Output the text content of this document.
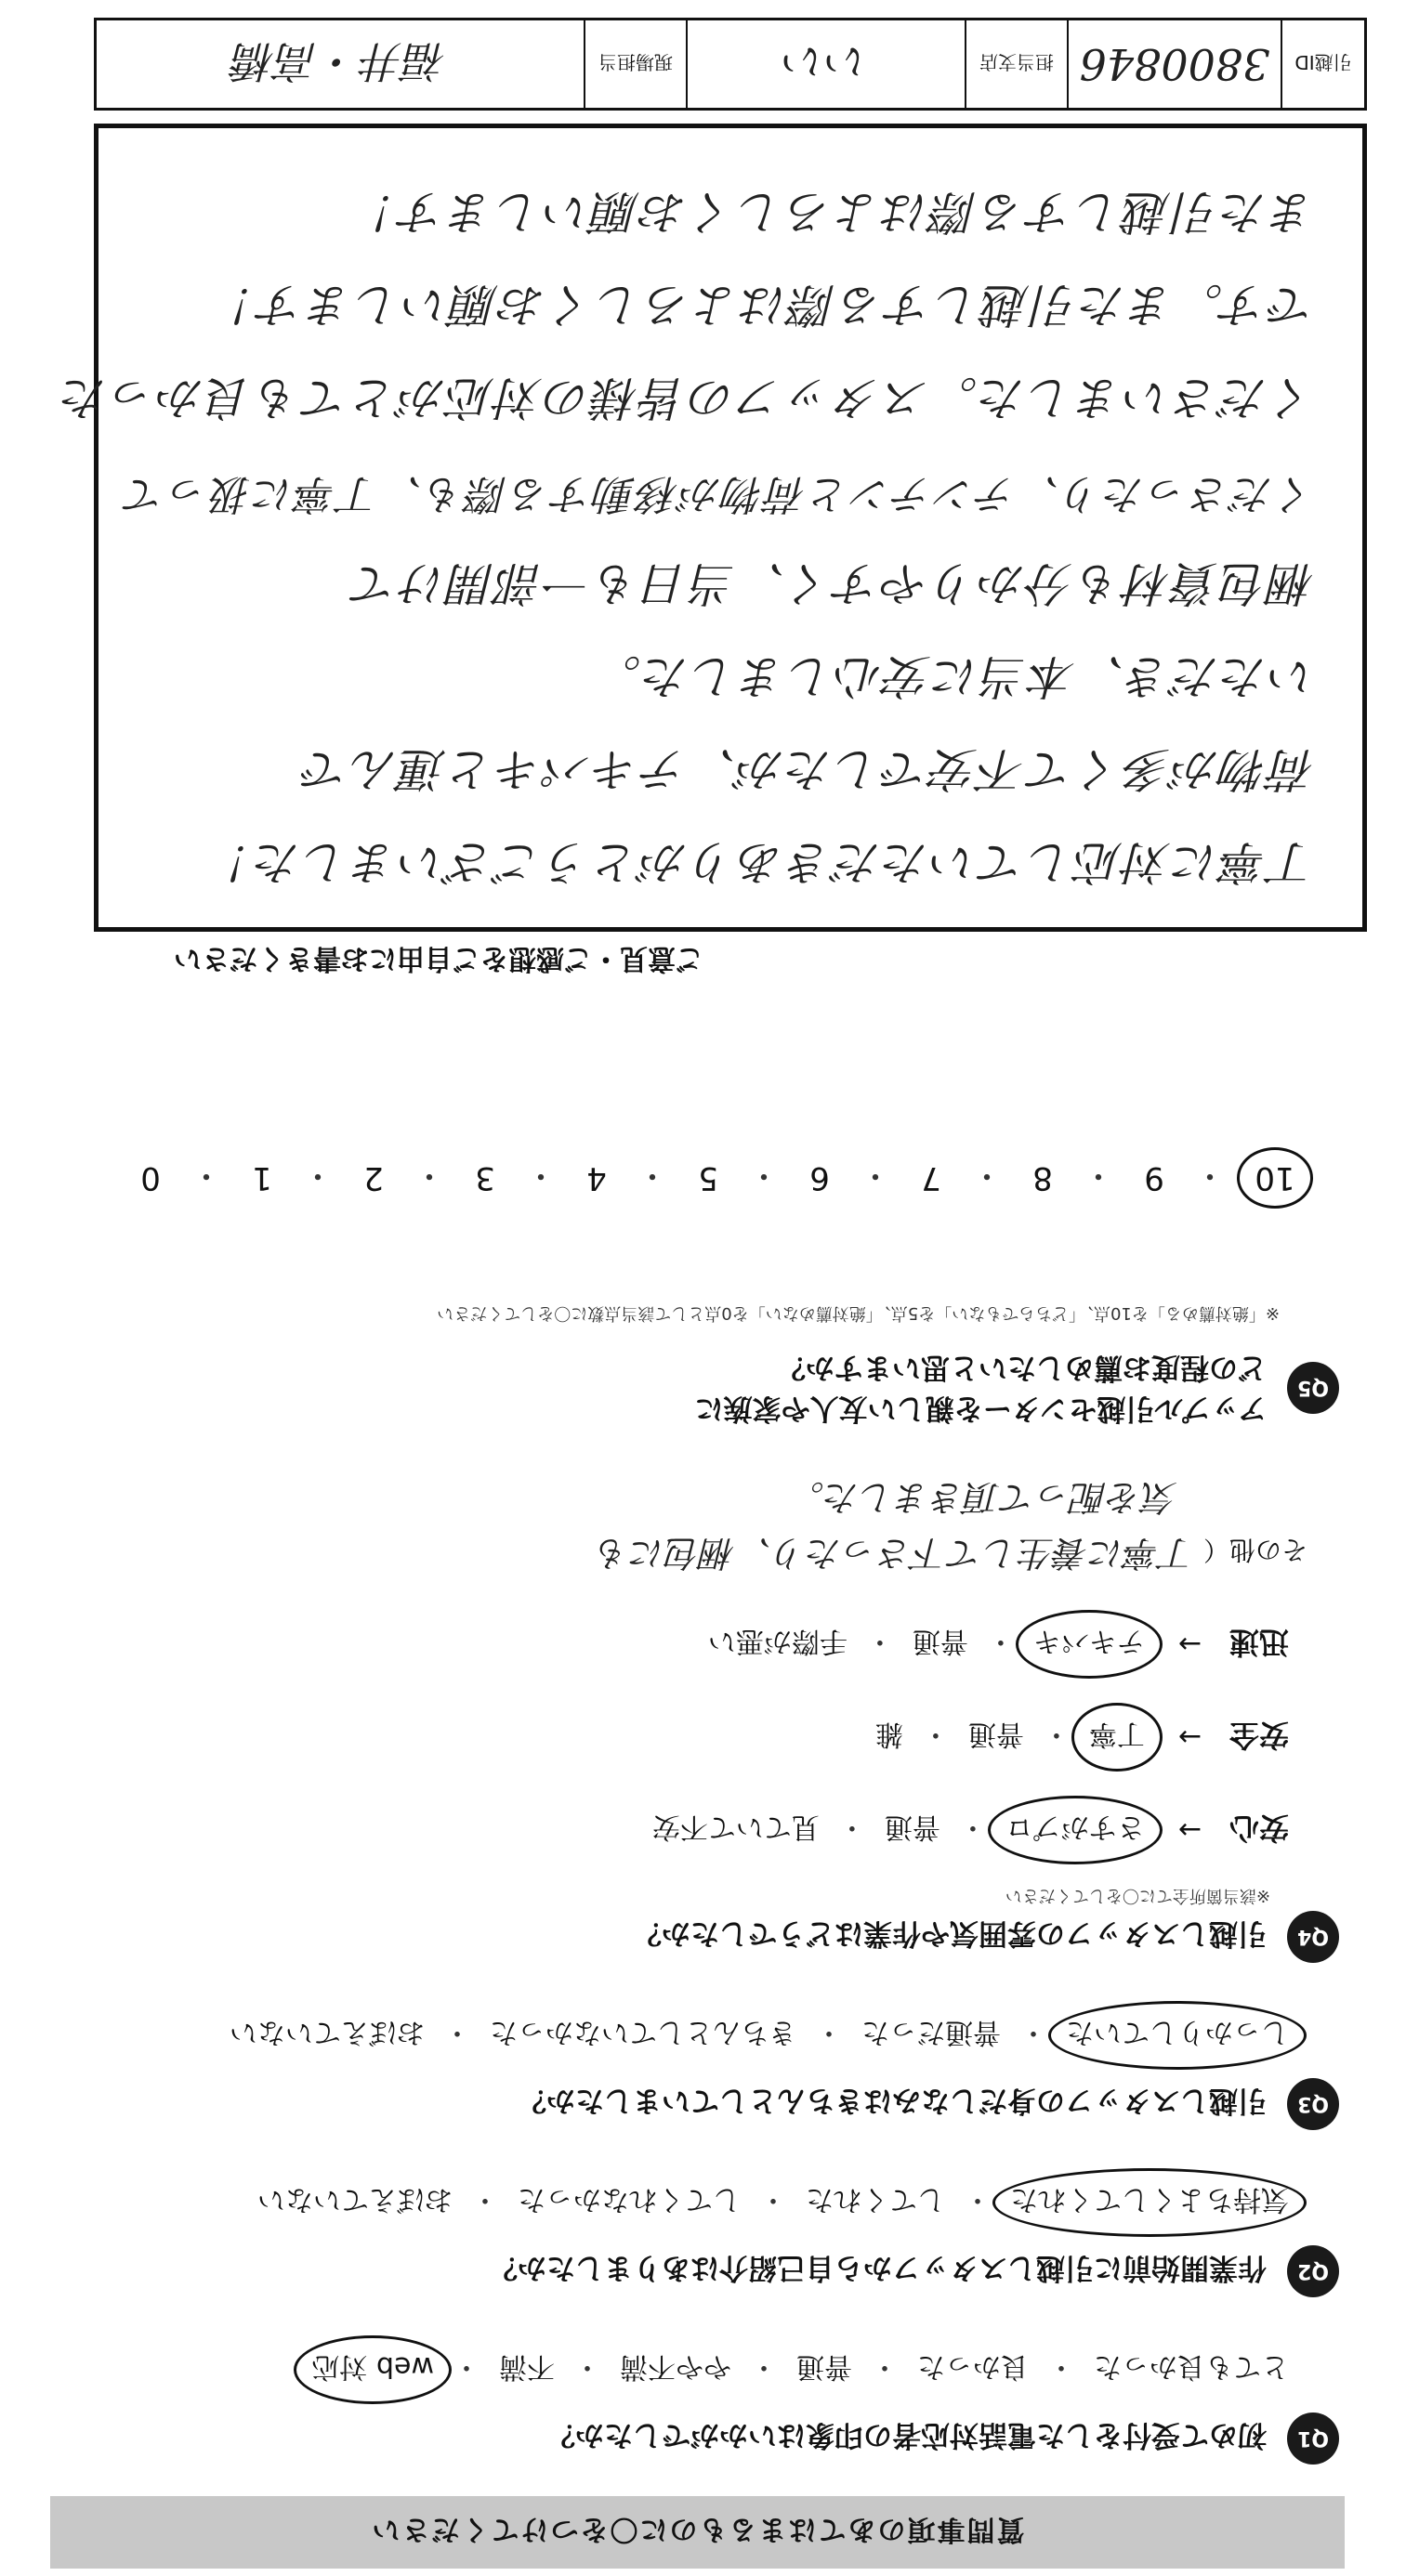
質問事項のあてはまるものに〇をつけてください
Q1
初めて受付をした電話対応者の印象はいかがでしたか？
とても良かった
・
良かった
・
普通
・
やや不満
・
不満
・
web 対応
Q2
作業開始前に引越しスタッフから自己紹介はありましたか？
気持ちよくしてくれた
・
してくれた
・
してくれなかった
・
おぼえていない
Q3
引越しスタッフの身だしなみはきちんとしていましたか？
しっかりしていた
・
普通だった
・
きちんとしていなかった
・
おぼえていない
Q4
引越しスタッフの雰囲気や作業はどうでしたか？
※該当箇所全てに〇をしてください
安心
→
さすがプロ
・
普通
・
見ていて不安
安全
→
丁寧
・
普通
・
雑
迅速
→
テキパキ
・
普通
・
手際が悪い
その他（ 丁寧に養生して下さったり、梱包にも
気を配って頂きました。
Q5
アップル引越センターを親しい友人や家族に
どの程度お薦めしたいと思いますか？
※「絶対薦める」を10点、「どちらでもない」を5点、「絶対薦めない」を0点として該当点数に〇をしてください
10
・
9
・
8
・
7
・
6
・
5
・
4
・
3
・
2
・
1
・
0
ご意見・ご感想をご自由にお書きください
丁寧に対応していただきありがとうございました！
荷物が多くて不安でしたが、テキパキと運んで
いただき、本当に安心しました。
梱包資材も分かりやすく、当日も一部開けて
くださったり、テンテンと荷物が移動する際も、丁寧に扱って
くださいました。スタッフの皆様の対応がとても良かった
です。また引越しする際はよろしくお願いします！
また引越しする際はよろしくお願いします！
引越ID
3800846
担当支店
いい
現場担当
福井・高橋
